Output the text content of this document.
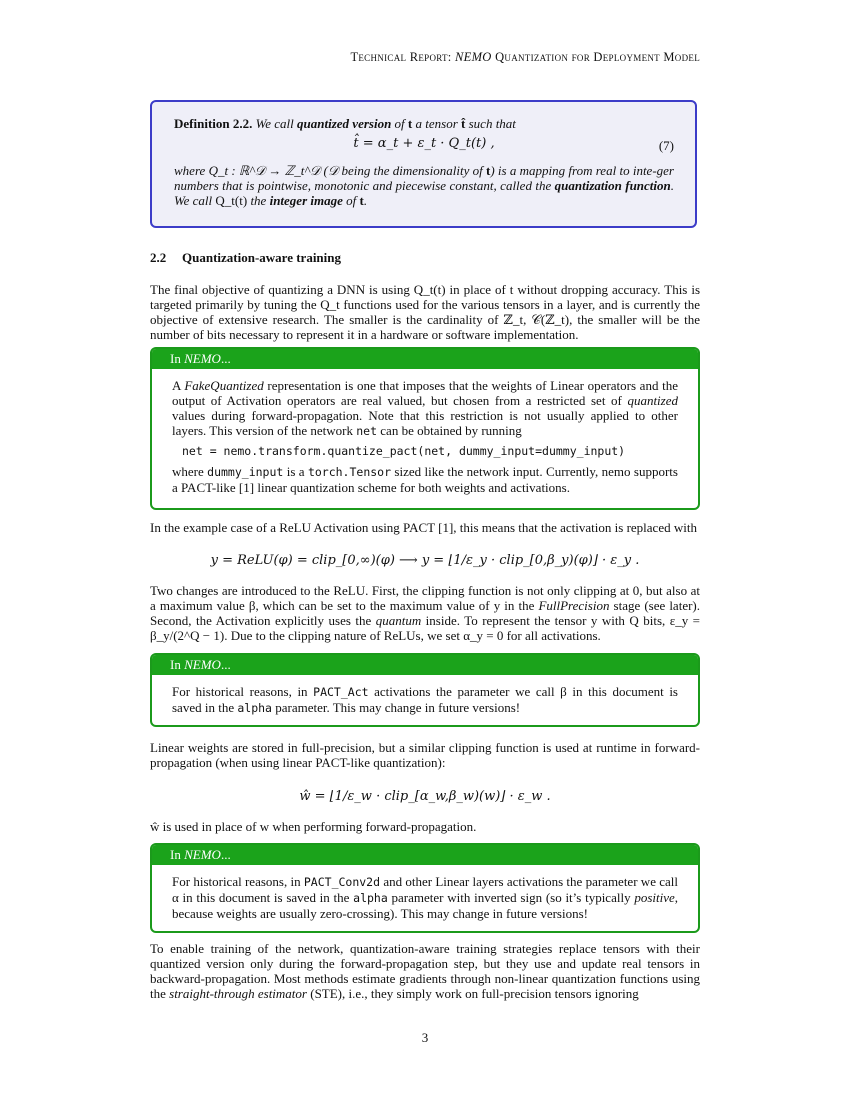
Technical Report: NEMO Quantization for Deployment Model
Definition 2.2. We call quantized version of t a tensor t̂ such that
t̂ = α_t + ε_t · Q_t(t) ,	(7)
where Q_t : ℝ^𝒟 → ℤ_t^𝒟 (𝒟 being the dimensionality of t) is a mapping from real to inte-ger numbers that is pointwise, monotonic and piecewise constant, called the quantization function. We call Q_t(t) the integer image of t.
2.2 Quantization-aware training
The final objective of quantizing a DNN is using Q_t(t) in place of t without dropping accuracy. This is targeted primarily by tuning the Q_t functions used for the various tensors in a layer, and is currently the objective of extensive research. The smaller is the cardinality of ℤ_t, 𝒞(ℤ_t), the smaller will be the number of bits necessary to represent it in a hardware or software implementation.
In NEMO...
A FakeQuantized representation is one that imposes that the weights of Linear operators and the output of Activation operators are real valued, but chosen from a restricted set of quantized values during forward-propagation. Note that this restriction is not usually applied to other layers. This version of the network net can be obtained by running
net = nemo.transform.quantize_pact(net, dummy_input=dummy_input)
where dummy_input is a torch.Tensor sized like the network input. Currently, nemo supports a PACT-like [1] linear quantization scheme for both weights and activations.
In the example case of a ReLU Activation using PACT [1], this means that the activation is replaced with
y = ReLU(φ) = clip_[0,∞)(φ) ⟶ y = ⌊1/ε_y · clip_[0,β_y)(φ)⌋ · ε_y .
Two changes are introduced to the ReLU. First, the clipping function is not only clipping at 0, but also at a maximum value β, which can be set to the maximum value of y in the FullPrecision stage (see later). Second, the Activation explicitly uses the quantum inside. To represent the tensor y with Q bits, ε_y = β_y/(2^Q − 1). Due to the clipping nature of ReLUs, we set α_y = 0 for all activations.
In NEMO...
For historical reasons, in PACT_Act activations the parameter we call β in this document is saved in the alpha parameter. This may change in future versions!
Linear weights are stored in full-precision, but a similar clipping function is used at runtime in forward-propagation (when using linear PACT-like quantization):
ŵ = ⌊1/ε_w · clip_[α_w,β_w)(w)⌋ · ε_w .
ŵ is used in place of w when performing forward-propagation.
In NEMO...
For historical reasons, in PACT_Conv2d and other Linear layers activations the parameter we call α in this document is saved in the alpha parameter with inverted sign (so it’s typically positive, because weights are usually zero-crossing). This may change in future versions!
To enable training of the network, quantization-aware training strategies replace tensors with their quantized version only during the forward-propagation step, but they use and update real tensors in backward-propagation. Most methods estimate gradients through non-linear quantization functions using the straight-through estimator (STE), i.e., they simply work on full-precision tensors ignoring
3
